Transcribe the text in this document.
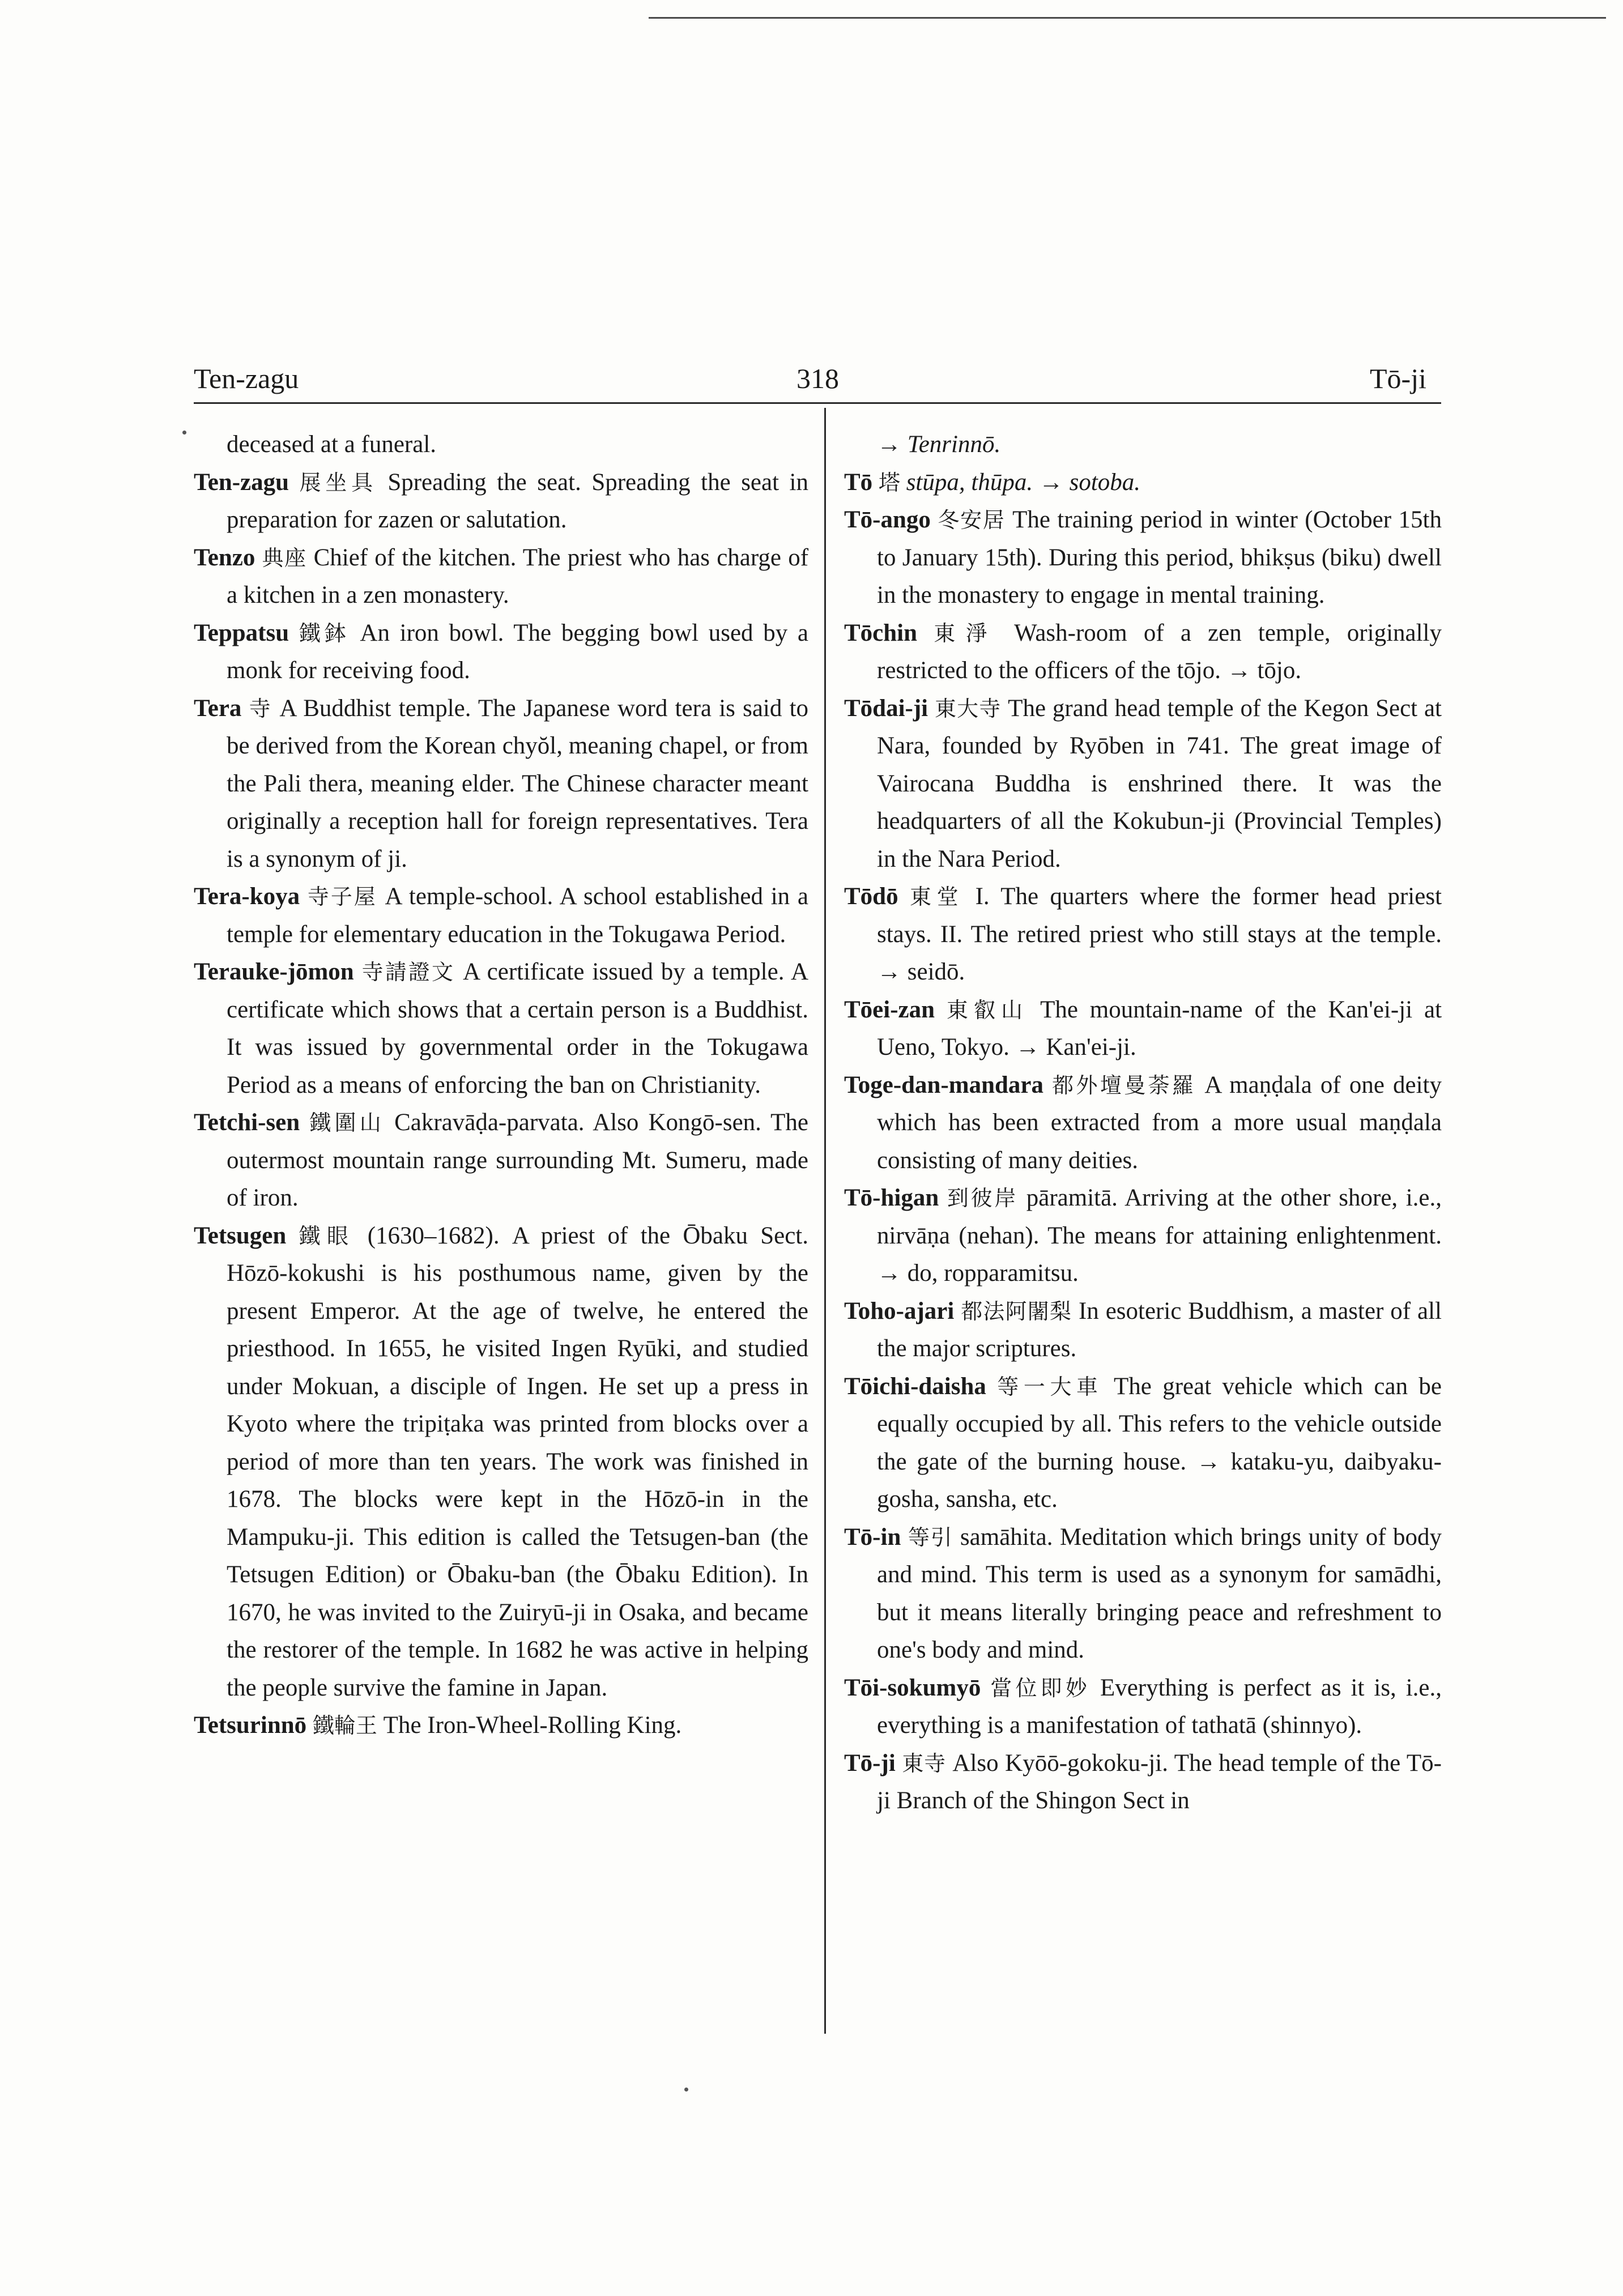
Ten-zagu	318	Tō-ji

deceased at a funeral.

Ten-zagu 展坐具 Spreading the seat. Spreading the seat in preparation for zazen or salutation.

Tenzo 典座 Chief of the kitchen. The priest who has charge of a kitchen in a zen monastery.

Teppatsu 鐵鉢 An iron bowl. The begging bowl used by a monk for receiving food.

Tera 寺 A Buddhist temple. The Japanese word tera is said to be derived from the Korean chyŏl, meaning chapel, or from the Pali thera, meaning elder. The Chinese character meant originally a reception hall for foreign representatives. Tera is a synonym of ji.

Tera-koya 寺子屋 A temple-school. A school established in a temple for elementary education in the Tokugawa Period.

Terauke-jōmon 寺請證文 A certificate issued by a temple. A certificate which shows that a certain person is a Buddhist. It was issued by governmental order in the Tokugawa Period as a means of enforcing the ban on Christianity.

Tetchi-sen 鐵圍山 Cakravāḍa-parvata. Also Kongō-sen. The outermost mountain range surrounding Mt. Sumeru, made of iron.

Tetsugen 鐵眼 (1630–1682). A priest of the Ōbaku Sect. Hōzō-kokushi is his posthumous name, given by the present Emperor. At the age of twelve, he entered the priesthood. In 1655, he visited Ingen Ryūki, and studied under Mokuan, a disciple of Ingen. He set up a press in Kyoto where the tripiṭaka was printed from blocks over a period of more than ten years. The work was finished in 1678. The blocks were kept in the Hōzō-in in the Mampuku-ji. This edition is called the Tetsugen-ban (the Tetsugen Edition) or Ōbaku-ban (the Ōbaku Edition). In 1670, he was invited to the Zuiryū-ji in Osaka, and became the restorer of the temple. In 1682 he was active in helping the people survive the famine in Japan.

Tetsurinnō 鐵輪王 The Iron-Wheel-Rolling King.

→ Tenrinnō.

Tō 塔 stūpa, thūpa. → sotoba.

Tō-ango 冬安居 The training period in winter (October 15th to January 15th). During this period, bhikṣus (biku) dwell in the monastery to engage in mental training.

Tōchin 東淨 Wash-room of a zen temple, originally restricted to the officers of the tōjo. → tōjo.

Tōdai-ji 東大寺 The grand head temple of the Kegon Sect at Nara, founded by Ryōben in 741. The great image of Vairocana Buddha is enshrined there. It was the headquarters of all the Kokubun-ji (Provincial Temples) in the Nara Period.

Tōdō 東堂 I. The quarters where the former head priest stays. II. The retired priest who still stays at the temple. → seidō.

Tōei-zan 東叡山 The mountain-name of the Kan'ei-ji at Ueno, Tokyo. → Kan'ei-ji.

Toge-dan-mandara 都外壇曼荼羅 A maṇḍala of one deity which has been extracted from a more usual maṇḍala consisting of many deities.

Tō-higan 到彼岸 pāramitā. Arriving at the other shore, i.e., nirvāṇa (nehan). The means for attaining enlightenment. → do, ropparamitsu.

Toho-ajari 都法阿闍梨 In esoteric Buddhism, a master of all the major scriptures.

Tōichi-daisha 等一大車 The great vehicle which can be equally occupied by all. This refers to the vehicle outside the gate of the burning house. → kataku-yu, daibyaku-gosha, sansha, etc.

Tō-in 等引 samāhita. Meditation which brings unity of body and mind. This term is used as a synonym for samādhi, but it means literally bringing peace and refreshment to one's body and mind.

Tōi-sokumyō 當位即妙 Everything is perfect as it is, i.e., everything is a manifestation of tathatā (shinnyo).

Tō-ji 東寺 Also Kyōō-gokoku-ji. The head temple of the Tō-ji Branch of the Shingon Sect in
